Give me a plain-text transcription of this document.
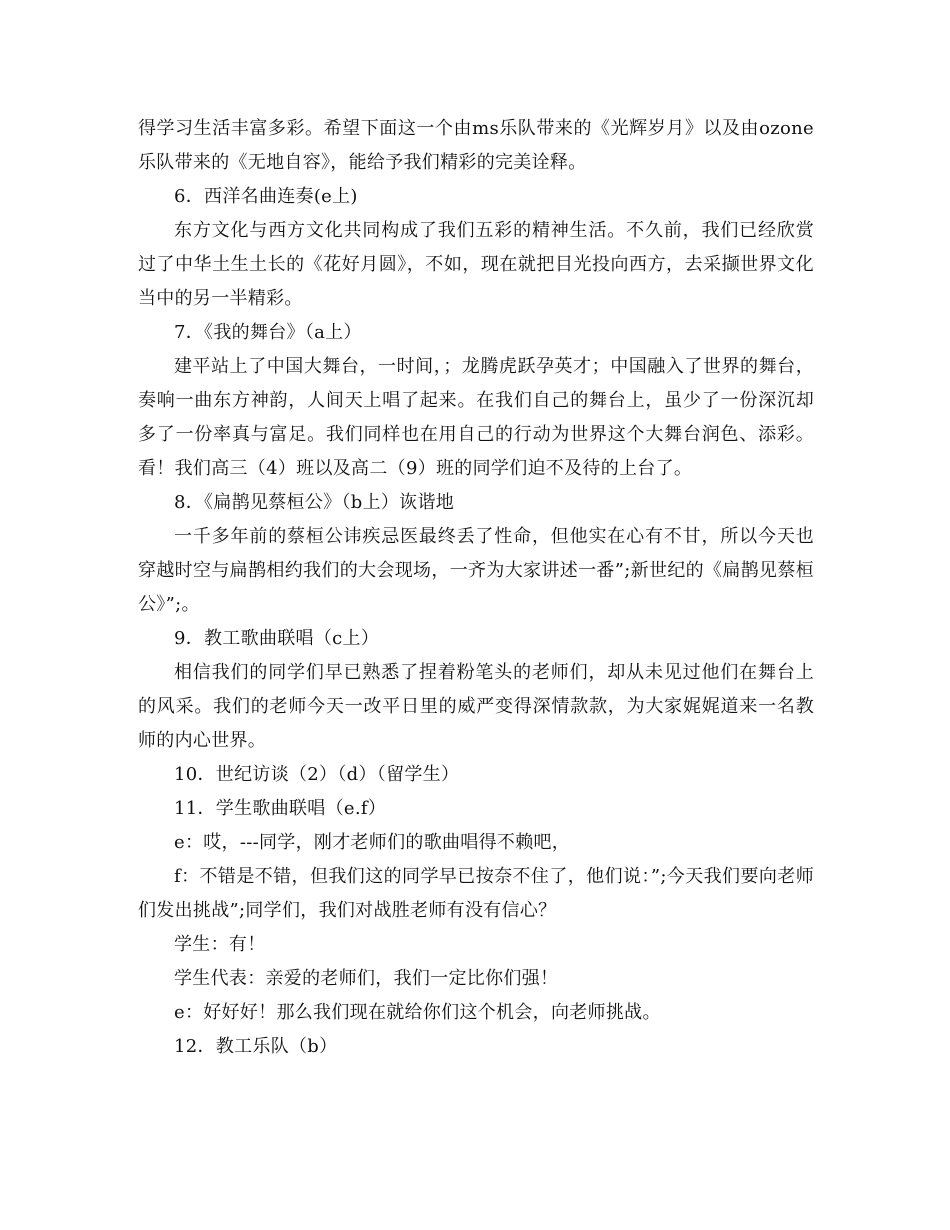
得学习生活丰富多彩。希望下面这一个由ms乐队带来的《光辉岁月》以及由ozone乐队带来的《无地自容》，能给予我们精彩的完美诠释。

6．西洋名曲连奏(e上)

东方文化与西方文化共同构成了我们五彩的精神生活。不久前，我们已经欣赏过了中华土生土长的《花好月圆》，不如，现在就把目光投向西方，去采撷世界文化当中的另一半精彩。

7．《我的舞台》（a上）

建平站上了中国大舞台，一时间，；龙腾虎跃孕英才；中国融入了世界的舞台，奏响一曲东方神韵，人间天上唱了起来。在我们自己的舞台上，虽少了一份深沉却多了一份率真与富足。我们同样也在用自己的行动为世界这个大舞台润色、添彩。看！我们高三（4）班以及高二（9）班的同学们迫不及待的上台了。

8．《扁鹊见蔡桓公》（b上）诙谐地

一千多年前的蔡桓公讳疾忌医最终丢了性命，但他实在心有不甘，所以今天也穿越时空与扁鹊相约我们的大会现场，一齐为大家讲述一番”;新世纪的《扁鹊见蔡桓公》”;。

9．教工歌曲联唱（c上）

相信我们的同学们早已熟悉了捏着粉笔头的老师们，却从未见过他们在舞台上的风采。我们的老师今天一改平日里的威严变得深情款款，为大家娓娓道来一名教师的内心世界。

10．世纪访谈（2）（d）（留学生）

11．学生歌曲联唱（e.f）

e：哎，---同学，刚才老师们的歌曲唱得不赖吧，

f：不错是不错，但我们这的同学早已按奈不住了，他们说：”;今天我们要向老师们发出挑战”;同学们，我们对战胜老师有没有信心？

学生：有！

学生代表：亲爱的老师们，我们一定比你们强！

e：好好好！那么我们现在就给你们这个机会，向老师挑战。

12．教工乐队（b）
